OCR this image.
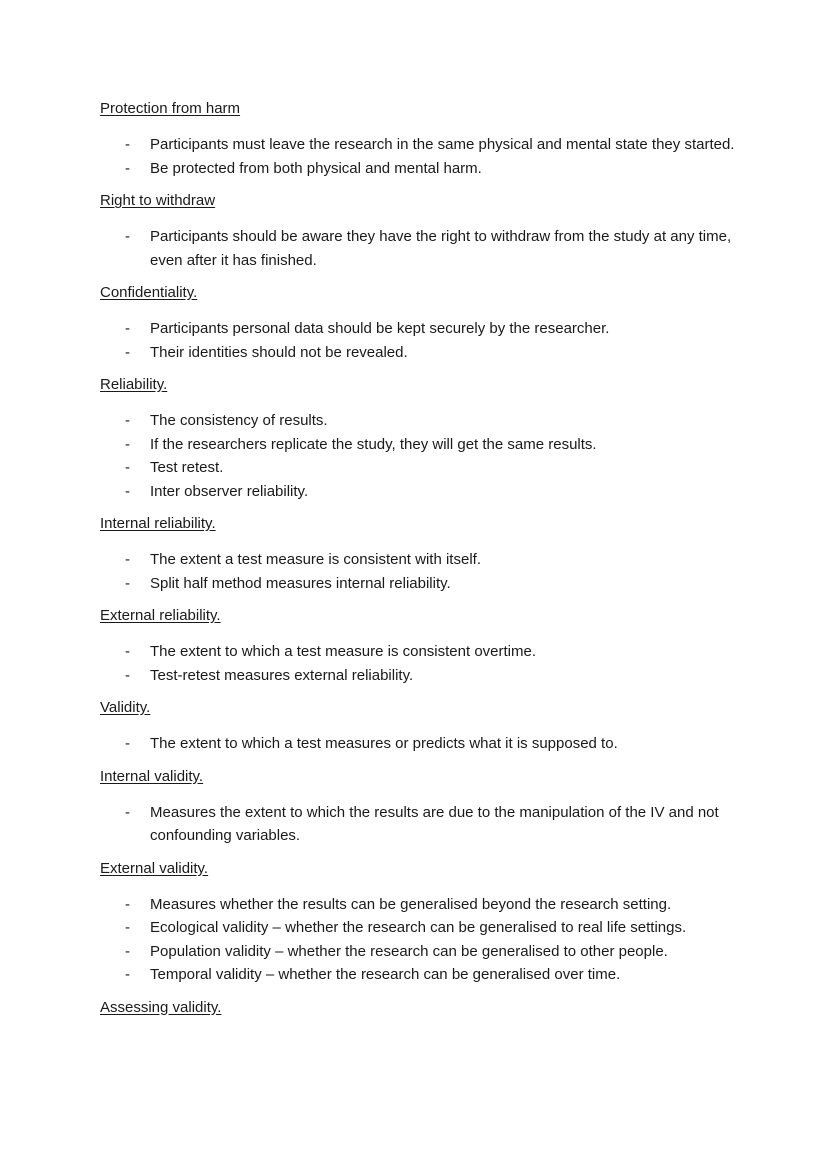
Protection from harm
- Participants must leave the research in the same physical and mental state they started.
- Be protected from both physical and mental harm.
Right to withdraw
- Participants should be aware they have the right to withdraw from the study at any time, even after it has finished.
Confidentiality.
- Participants personal data should be kept securely by the researcher.
- Their identities should not be revealed.
Reliability.
- The consistency of results.
- If the researchers replicate the study, they will get the same results.
- Test retest.
- Inter observer reliability.
Internal reliability.
- The extent a test measure is consistent with itself.
- Split half method measures internal reliability.
External reliability.
- The extent to which a test measure is consistent overtime.
- Test-retest measures external reliability.
Validity.
- The extent to which a test measures or predicts what it is supposed to.
Internal validity.
- Measures the extent to which the results are due to the manipulation of the IV and not confounding variables.
External validity.
- Measures whether the results can be generalised beyond the research setting.
- Ecological validity – whether the research can be generalised to real life settings.
- Population validity – whether the research can be generalised to other people.
- Temporal validity – whether the research can be generalised over time.
Assessing validity.
